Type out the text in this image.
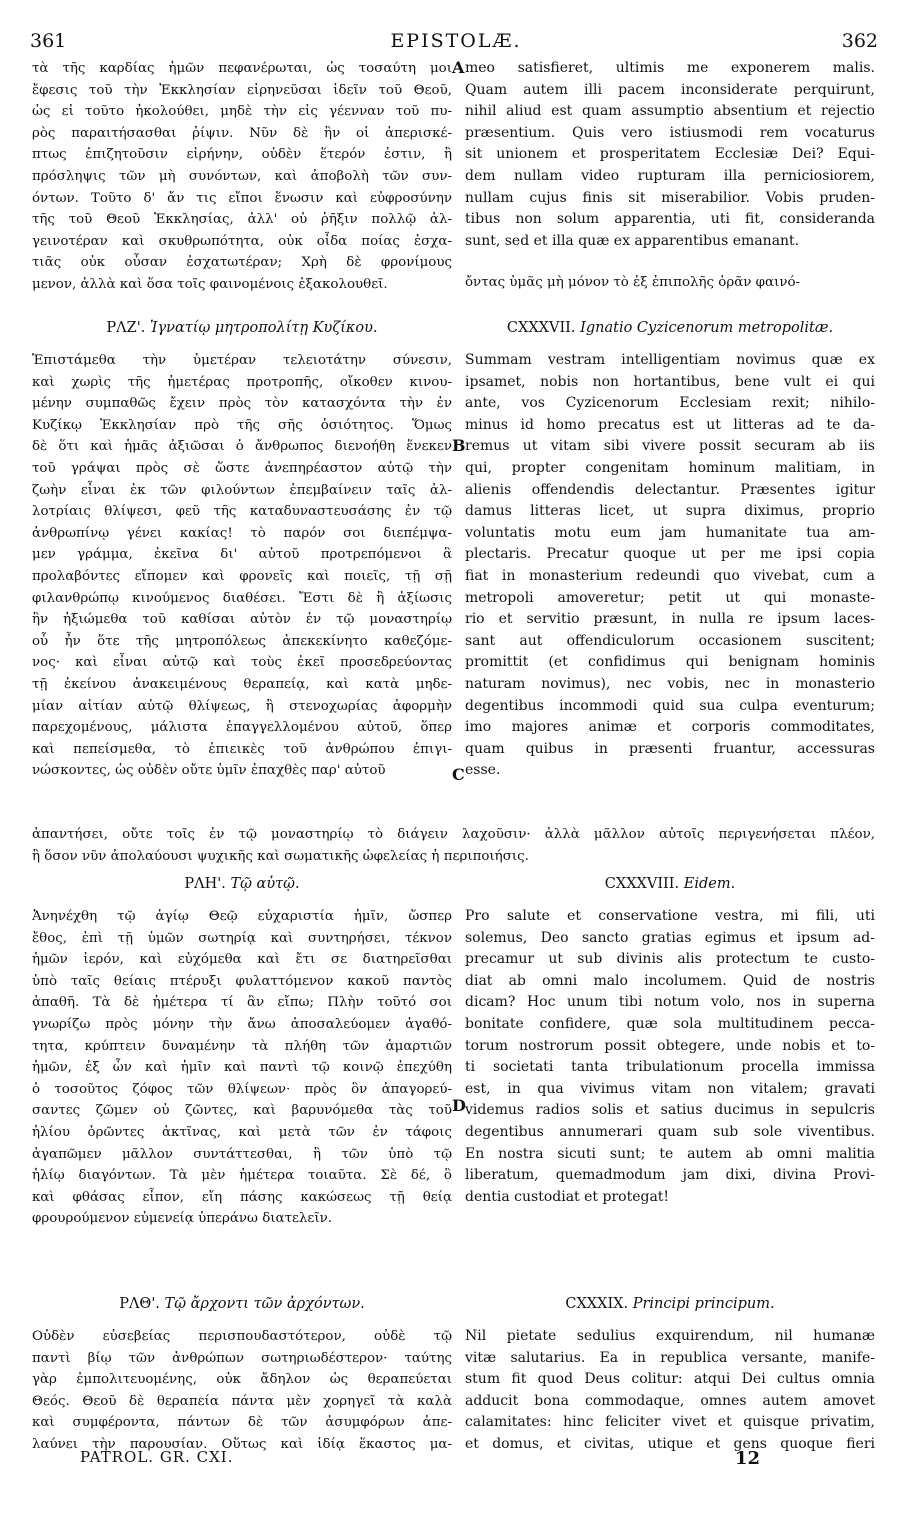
361	EPISTOLÆ.	362
τὰ τῆς καρδίας ἡμῶν πεφανέρωται, ὡς τοσαύτη μοι
ἔφεσις τοῦ τὴν Ἐκκλησίαν εἰρηνεῦσαι ἰδεῖν τοῦ Θεοῦ,
ὡς εἰ τοῦτο ἠκολούθει, μηδὲ τὴν εἰς γέενναν τοῦ πυ-
ρὸς παραιτήσασθαι ῥίψιν. Νῦν δὲ ἣν οἱ ἀπερισκέ-
πτως ἐπιζητοῦσιν εἰρήνην, οὐδὲν ἕτερόν ἐστιν, ἢ
πρόσληψις τῶν μὴ συνόντων, καὶ ἀποβολὴ τῶν συν-
όντων. Τοῦτο δ' ἄν τις εἴποι ἕνωσιν καὶ εὐφροσύνην
τῆς τοῦ Θεοῦ Ἐκκλησίας, ἀλλ' οὐ ῥῆξιν πολλῷ ἀλ-
γεινοτέραν καὶ σκυθρωπότητα, οὐκ οἶδα ποίας ἐσχα-
τιᾶς οὐκ οὖσαν ἐσχατωτέραν; Χρὴ δὲ φρονίμους
μενον, ἀλλὰ καὶ ὅσα τοῖς φαινομένοις ἐξακολουθεῖ.
meo satisfieret, ultimis me exponerem malis.
Quam autem illi pacem inconsiderate perquirunt,
nihil aliud est quam assumptio absentium et rejectio
præsentium. Quis vero istiusmodi rem vocaturus
sit unionem et prosperitatem Ecclesiæ Dei? Equi-
dem nullam video rupturam illa perniciosiorem,
nullam cujus finis sit miserabilior. Vobis pruden-
tibus non solum apparentia, uti fit, consideranda
sunt, sed et illa quæ ex apparentibus emanant.
ὄντας ὑμᾶς μὴ μόνον τὸ ἐξ ἐπιπολῆς ὁρᾶν φαινό-
A
ΡΛΖ'. Ἰγνατίῳ μητροπολίτῃ Κυζίκου.	CXXXVII. Ignatio Cyzicenorum metropolitæ.
Ἐπιστάμεθα τὴν ὑμετέραν τελειοτάτην σύνεσιν,
καὶ χωρὶς τῆς ἡμετέρας προτροπῆς, οἴκοθεν κινου-
μένην συμπαθῶς ἔχειν πρὸς τὸν κατασχόντα τὴν ἐν
Κυζίκῳ Ἐκκλησίαν πρὸ τῆς σῆς ὁσιότητος. Ὅμως
δὲ ὅτι καὶ ἡμᾶς ἀξιῶσαι ὁ ἄνθρωπος διενοήθη ἕνεκεν
τοῦ γράψαι πρὸς σὲ ὥστε ἀνεπηρέαστον αὐτῷ τὴν
ζωὴν εἶναι ἐκ τῶν φιλούντων ἐπεμβαίνειν ταῖς ἀλ-
λοτρίαις θλίψεσι, φεῦ τῆς καταδυναστευσάσης ἐν τῷ
ἀνθρωπίνῳ γένει κακίας! τὸ παρόν σοι διεπέμψα-
μεν γράμμα, ἐκεῖνα δι' αὐτοῦ προτρεπόμενοι ἃ
προλαβόντες εἴπομεν καὶ φρονεῖς καὶ ποιεῖς, τῇ σῇ
φιλανθρώπῳ κινούμενος διαθέσει. Ἔστι δὲ ἣ ἀξίωσις
ἣν ἠξιώμεθα τοῦ καθίσαι αὐτὸν ἐν τῷ μοναστηρίῳ
οὗ ἦν ὅτε τῆς μητροπόλεως ἀπεκεκίνητο καθεζόμε-
νος· καὶ εἶναι αὐτῷ καὶ τοὺς ἐκεῖ προσεδρεύοντας
τῇ ἐκείνου ἀνακειμένους θεραπείᾳ, καὶ κατὰ μηδε-
μίαν αἰτίαν αὐτῷ θλίψεως, ἢ στενοχωρίας ἀφορμὴν
παρεχομένους, μάλιστα ἐπαγγελλομένου αὐτοῦ, ὅπερ
καὶ πεπείσμεθα, τὸ ἐπιεικὲς τοῦ ἀνθρώπου ἐπιγι-
νώσκοντες, ὡς οὐδὲν οὔτε ὑμῖν ἐπαχθὲς παρ' αὐτοῦ
Summam vestram intelligentiam novimus quæ ex
ipsamet, nobis non hortantibus, bene vult ei qui
ante, vos Cyzicenorum Ecclesiam rexit; nihilo-
minus id homo precatus est ut litteras ad te da-
remus ut vitam sibi vivere possit securam ab iis
qui, propter congenitam hominum malitiam, in
alienis offendendis delectantur. Præsentes igitur
damus litteras licet, ut supra diximus, proprio
voluntatis motu eum jam humanitate tua am-
plectaris. Precatur quoque ut per me ipsi copia
fiat in monasterium redeundi quo vivebat, cum a
metropoli amoveretur; petit ut qui monaste-
rio et servitio præsunt, in nulla re ipsum laces-
sant aut offendiculorum occasionem suscitent;
promittit (et confidimus qui benignam hominis
naturam novimus), nec vobis, nec in monasterio
degentibus incommodi quid sua culpa eventurum;
imo majores animæ et corporis commoditates,
quam quibus in præsenti fruantur, accessuras
esse.
B
C
ἀπαντήσει, οὔτε τοῖς ἐν τῷ μοναστηρίῳ τὸ διάγειν λαχοῦσιν· ἀλλὰ μᾶλλον αὐτοῖς περιγενήσεται πλέον,
ἢ ὅσον νῦν ἀπολαύουσι ψυχικῆς καὶ σωματικῆς ὠφελείας ἡ περιποιήσις.
ΡΛΗ'. Τῷ αὐτῷ.	CXXXVIII. Eidem.
Ἀνηνέχθη τῷ ἁγίῳ Θεῷ εὐχαριστία ἡμῖν, ὥσπερ
ἔθος, ἐπὶ τῇ ὑμῶν σωτηρίᾳ καὶ συντηρήσει, τέκνον
ἡμῶν ἱερόν, καὶ εὐχόμεθα καὶ ἔτι σε διατηρεῖσθαι
ὑπὸ ταῖς θείαις πτέρυξι φυλαττόμενον κακοῦ παντὸς
ἀπαθῆ. Τὰ δὲ ἡμέτερα τί ἂν εἴπω; Πλὴν τοῦτό σοι
γνωρίζω πρὸς μόνην τὴν ἄνω ἀποσαλεύομεν ἀγαθό-
τητα, κρύπτειν δυναμένην τὰ πλήθη τῶν ἁμαρτιῶν
ἡμῶν, ἐξ ὧν καὶ ἡμῖν καὶ παντὶ τῷ κοινῷ ἐπεχύθη
ὁ τοσοῦτος ζόφος τῶν θλίψεων· πρὸς ὃν ἀπαγορεύ-
σαντες ζῶμεν οὐ ζῶντες, καὶ βαρυνόμεθα τὰς τοῦ
ἡλίου ὁρῶντες ἀκτῖνας, καὶ μετὰ τῶν ἐν τάφοις
ἀγαπῶμεν μᾶλλον συντάττεσθαι, ἢ τῶν ὑπὸ τῷ
ἡλίῳ διαγόντων. Τὰ μὲν ἡμέτερα τοιαῦτα. Σὲ δέ, ὃ
καὶ φθάσας εἶπον, εἴη πάσης κακώσεως τῇ θείᾳ
φρουρούμενον εὐμενείᾳ ὑπεράνω διατελεῖν.
Pro salute et conservatione vestra, mi fili, uti
solemus, Deo sancto gratias egimus et ipsum ad-
precamur ut sub divinis alis protectum te custo-
diat ab omni malo incolumem. Quid de nostris
dicam? Hoc unum tibi notum volo, nos in superna
bonitate confidere, quæ sola multitudinem pecca-
torum nostrorum possit obtegere, unde nobis et to-
ti societati tanta tribulationum procella immissa
est, in qua vivimus vitam non vitalem; gravati
videmus radios solis et satius ducimus in sepulcris
degentibus annumerari quam sub sole viventibus.
En nostra sicuti sunt; te autem ab omni malitia
liberatum, quemadmodum jam dixi, divina Provi-
dentia custodiat et protegat!
D
ΡΛΘ'. Τῷ ἄρχοντι τῶν ἀρχόντων.	CXXXIX. Principi principum.
Οὐδὲν εὐσεβείας περισπουδαστότερον, οὐδὲ τῷ
παντὶ βίῳ τῶν ἀνθρώπων σωτηριωδέστερον· ταύτης
γὰρ ἐμπολιτευομένης, οὐκ ἄδηλον ὡς θεραπεύεται
Θεός. Θεοῦ δὲ θεραπεία πάντα μὲν χορηγεῖ τὰ καλὰ
καὶ συμφέροντα, πάντων δὲ τῶν ἀσυμφόρων ἀπε-
λαύνει τὴν παρουσίαν. Οὕτως καὶ ἰδίᾳ ἕκαστος μα-
Nil pietate sedulius exquirendum, nil humanæ
vitæ salutarius. Ea in republica versante, manife-
stum fit quod Deus colitur: atqui Dei cultus omnia
adducit bona commodaque, omnes autem amovet
calamitates: hinc feliciter vivet et quisque privatim,
et domus, et civitas, utique et gens quoque fieri
PATROL. GR. CXI.	12
